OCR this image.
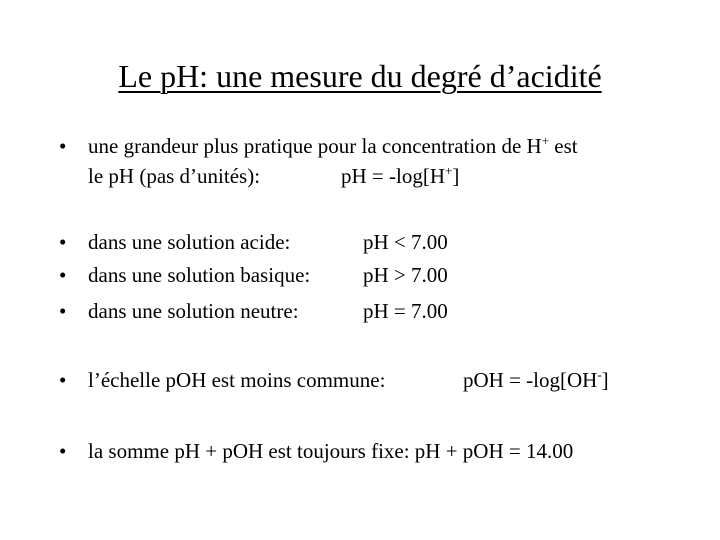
Le pH: une mesure du degré d’acidité
• une grandeur plus pratique pour la concentration de H+ est
le pH (pas d’unités):	pH = -log[H+]
• dans une solution acide:	pH < 7.00
• dans une solution basique:	pH > 7.00
• dans une solution neutre:	pH = 7.00
• l’échelle pOH est moins commune:	pOH = -log[OH-]
• la somme pH + pOH est toujours fixe: pH + pOH = 14.00
